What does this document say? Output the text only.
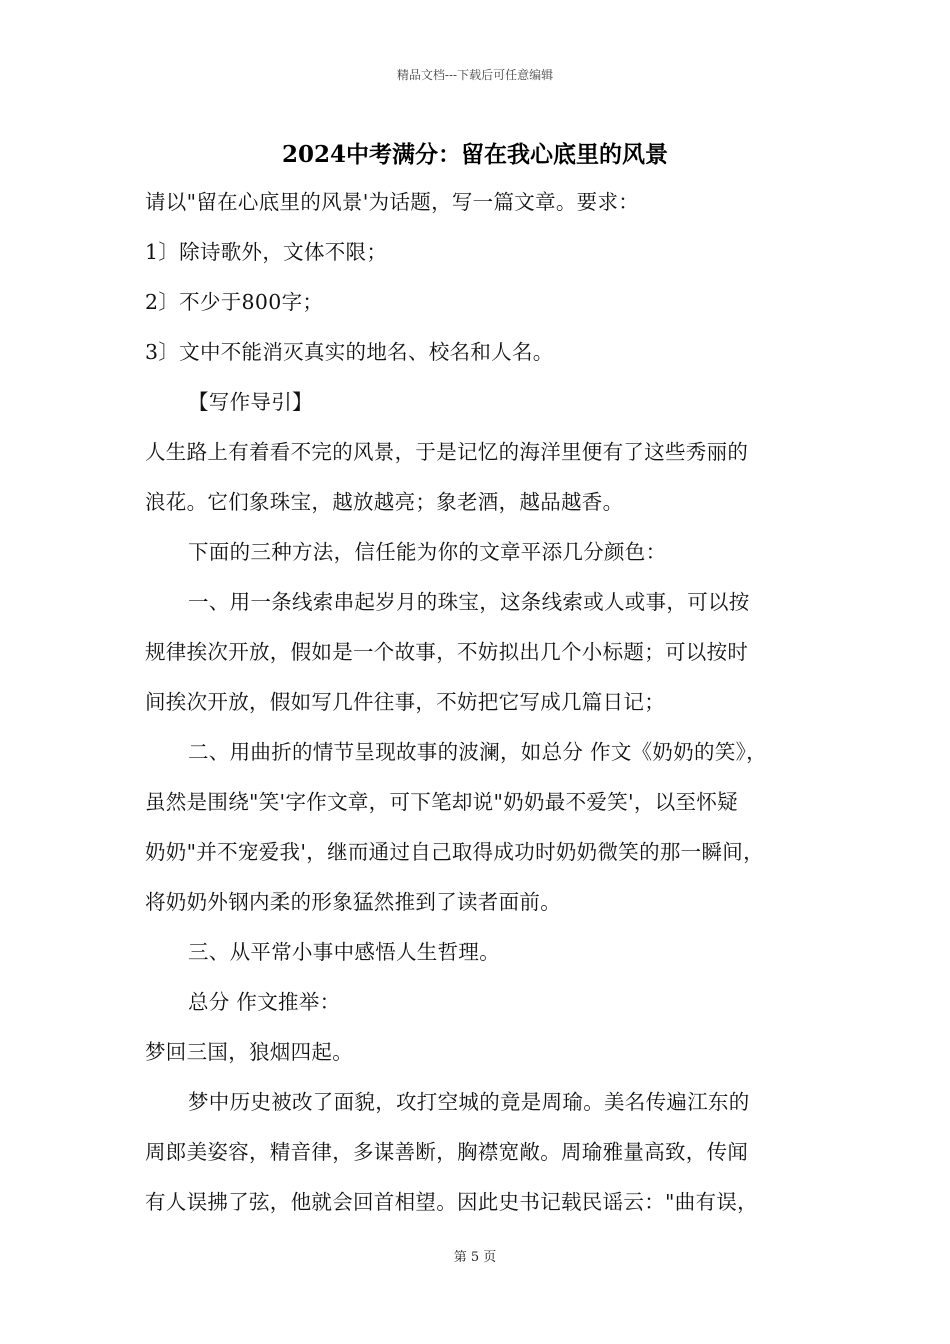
精品文档---下载后可任意编辑
2024中考满分：留在我心底里的风景
请以"留在心底里的风景'为话题，写一篇文章。要求：
1〕除诗歌外，文体不限；
2〕不少于800字；
3〕文中不能消灭真实的地名、校名和人名。
【写作导引】
人生路上有着看不完的风景，于是记忆的海洋里便有了这些秀丽的
浪花。它们象珠宝，越放越亮；象老酒，越品越香。
下面的三种方法，信任能为你的文章平添几分颜色：
一、用一条线索串起岁月的珠宝，这条线索或人或事，可以按
规律挨次开放，假如是一个故事，不妨拟出几个小标题；可以按时
间挨次开放，假如写几件往事，不妨把它写成几篇日记；
二、用曲折的情节呈现故事的波澜，如总分 作文《奶奶的笑》，
虽然是围绕"笑'字作文章，可下笔却说"奶奶最不爱笑'，以至怀疑
奶奶"并不宠爱我'，继而通过自己取得成功时奶奶微笑的那一瞬间，
将奶奶外钢内柔的形象猛然推到了读者面前。
三、从平常小事中感悟人生哲理。
总分 作文推举：
梦回三国，狼烟四起。
梦中历史被改了面貌，攻打空城的竟是周瑜。美名传遍江东的
周郎美姿容，精音律，多谋善断，胸襟宽敞。周瑜雅量高致，传闻
有人误拂了弦，他就会回首相望。因此史书记载民谣云："曲有误，
第 5 页
